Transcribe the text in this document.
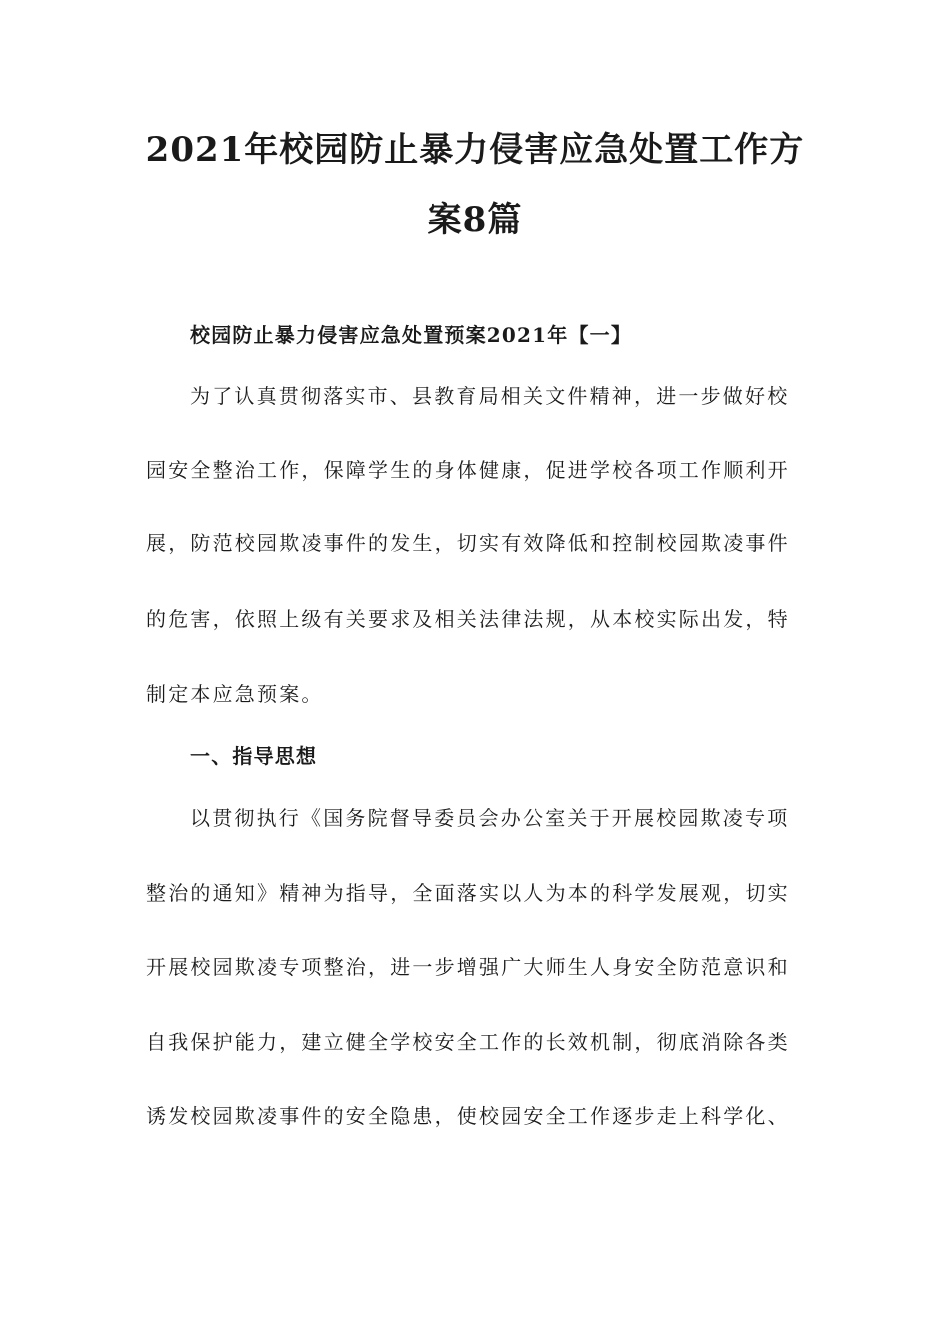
2021年校园防止暴力侵害应急处置工作方
案8篇
校园防止暴力侵害应急处置预案2021年【一】
为了认真贯彻落实市、县教育局相关文件精神，进一步做好校
园安全整治工作，保障学生的身体健康，促进学校各项工作顺利开
展，防范校园欺凌事件的发生，切实有效降低和控制校园欺凌事件
的危害，依照上级有关要求及相关法律法规，从本校实际出发，特
制定本应急预案。
一、指导思想
以贯彻执行《国务院督导委员会办公室关于开展校园欺凌专项
整治的通知》精神为指导，全面落实以人为本的科学发展观，切实
开展校园欺凌专项整治，进一步增强广大师生人身安全防范意识和
自我保护能力，建立健全学校安全工作的长效机制，彻底消除各类
诱发校园欺凌事件的安全隐患，使校园安全工作逐步走上科学化、
